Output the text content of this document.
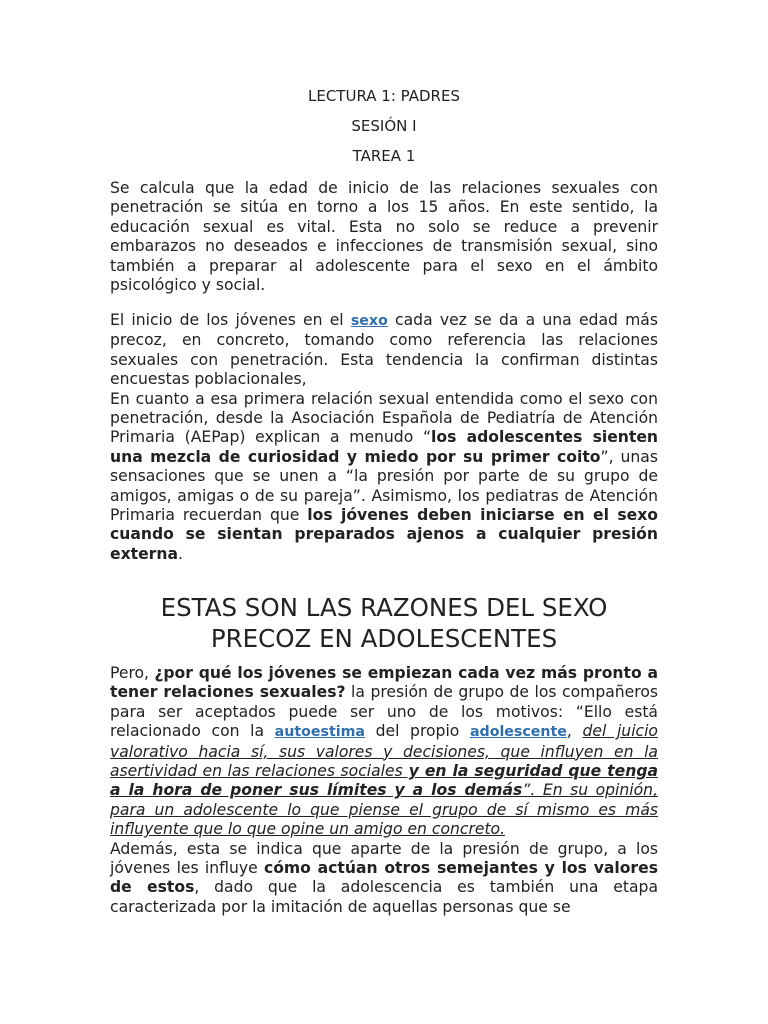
LECTURA 1: PADRES

SESIÓN I

TAREA 1

Se calcula que la edad de inicio de las relaciones sexuales con penetración se sitúa en torno a los 15 años. En este sentido, la educación sexual es vital. Esta no solo se reduce a prevenir embarazos no deseados e infecciones de transmisión sexual, sino también a preparar al adolescente para el sexo en el ámbito psicológico y social.

El inicio de los jóvenes en el sexo cada vez se da a una edad más precoz, en concreto, tomando como referencia las relaciones sexuales con penetración. Esta tendencia la confirman distintas encuestas poblacionales,

En cuanto a esa primera relación sexual entendida como el sexo con penetración, desde la Asociación Española de Pediatría de Atención Primaria (AEPap) explican a menudo “los adolescentes sienten una mezcla de curiosidad y miedo por su primer coito”, unas sensaciones que se unen a “la presión por parte de su grupo de amigos, amigas o de su pareja”. Asimismo, los pediatras de Atención Primaria recuerdan que los jóvenes deben iniciarse en el sexo cuando se sientan preparados ajenos a cualquier presión externa.

ESTAS SON LAS RAZONES DEL SEXO
PRECOZ EN ADOLESCENTES

Pero, ¿por qué los jóvenes se empiezan cada vez más pronto a tener relaciones sexuales? la presión de grupo de los compañeros para ser aceptados puede ser uno de los motivos: “Ello está relacionado con la autoestima del propio adolescente, del juicio valorativo hacia sí, sus valores y decisiones, que influyen en la asertividad en las relaciones sociales y en la seguridad que tenga a la hora de poner sus límites y a los demás”. En su opinión, para un adolescente lo que piense el grupo de sí mismo es más influyente que lo que opine un amigo en concreto.

Además, esta se indica que aparte de la presión de grupo, a los jóvenes les influye cómo actúan otros semejantes y los valores de estos, dado que la adolescencia es también una etapa caracterizada por la imitación de aquellas personas que se
